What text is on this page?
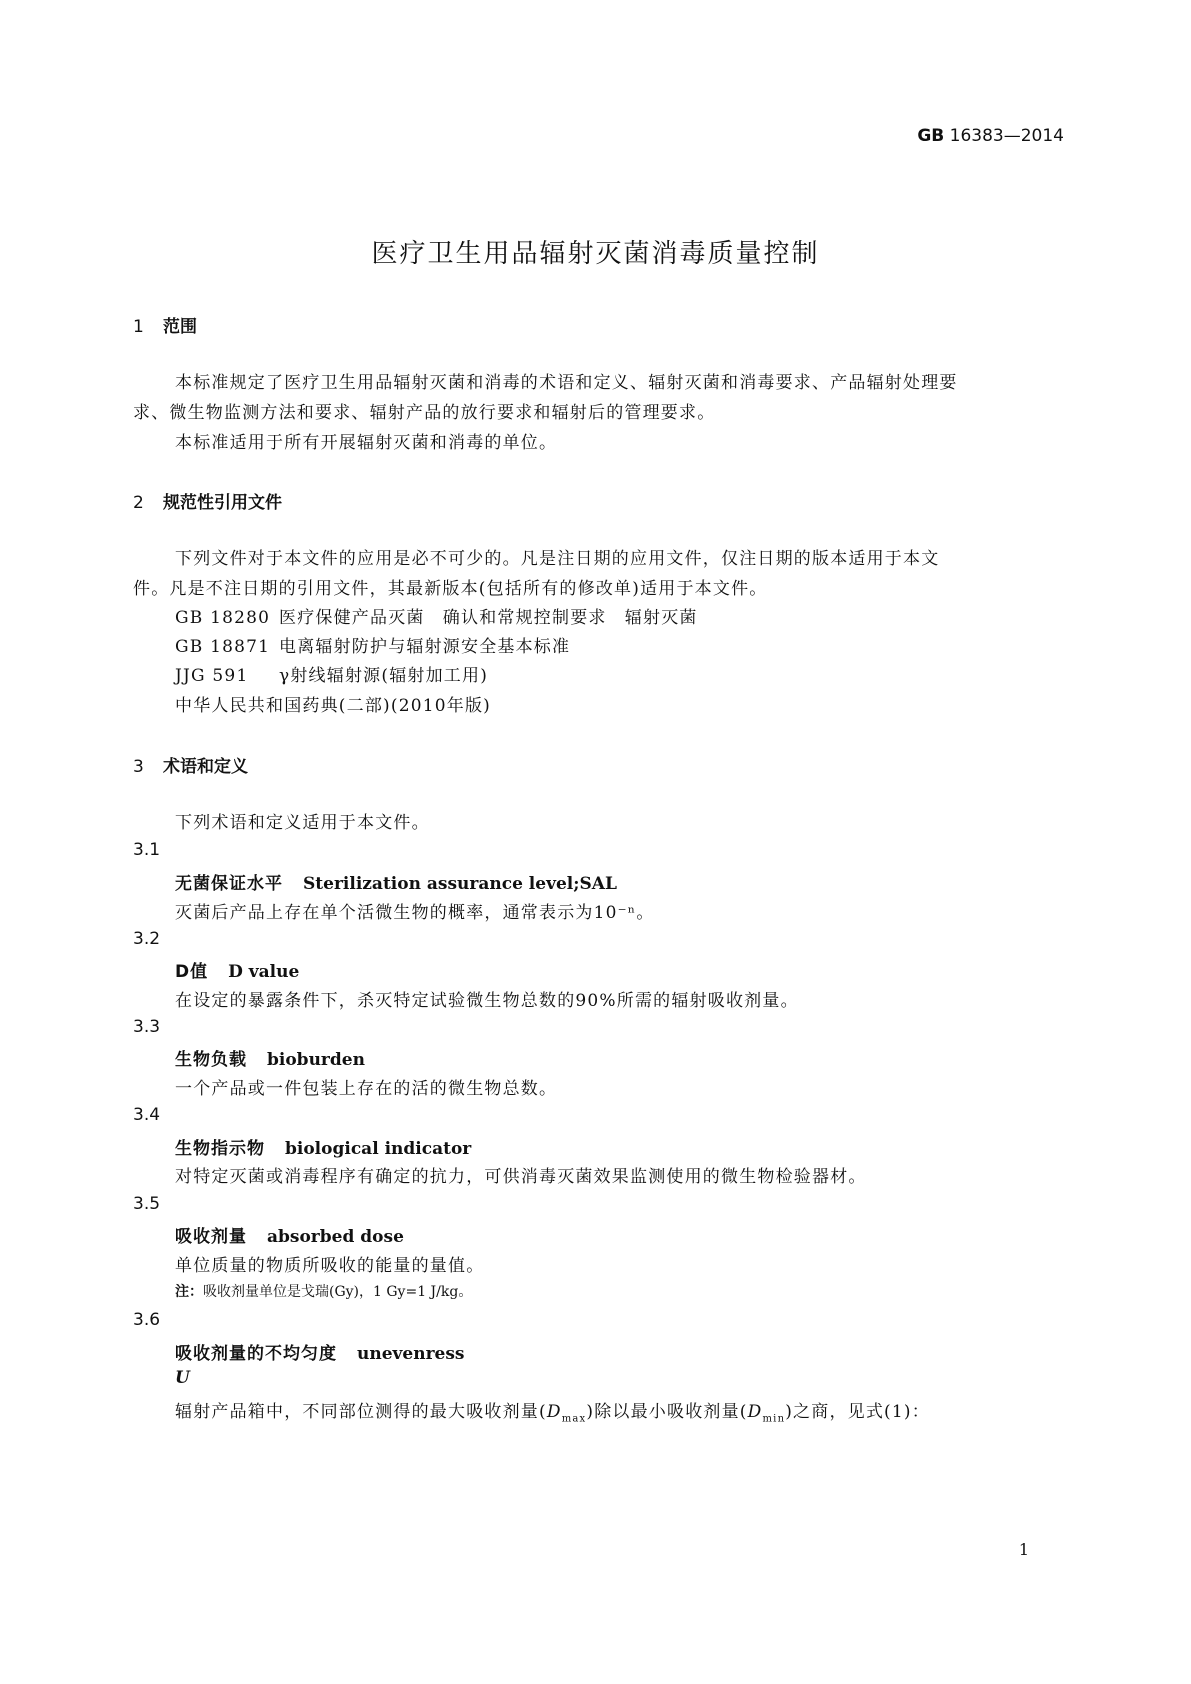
GB 16383—2014
医疗卫生用品辐射灭菌消毒质量控制
1 范围
本标准规定了医疗卫生用品辐射灭菌和消毒的术语和定义、辐射灭菌和消毒要求、产品辐射处理要
求、微生物监测方法和要求、辐射产品的放行要求和辐射后的管理要求。
本标准适用于所有开展辐射灭菌和消毒的单位。
2 规范性引用文件
下列文件对于本文件的应用是必不可少的。凡是注日期的应用文件，仅注日期的版本适用于本文
件。凡是不注日期的引用文件，其最新版本(包括所有的修改单)适用于本文件。
GB 18280 医疗保健产品灭菌　确认和常规控制要求　辐射灭菌
GB 18871 电离辐射防护与辐射源安全基本标准
JJG 591 γ射线辐射源(辐射加工用)
中华人民共和国药典(二部)(2010年版)
3 术语和定义
下列术语和定义适用于本文件。
3.1
无菌保证水平 Sterilization assurance level;SAL
灭菌后产品上存在单个活微生物的概率，通常表示为10⁻ⁿ。
3.2
D值 D value
在设定的暴露条件下，杀灭特定试验微生物总数的90%所需的辐射吸收剂量。
3.3
生物负载 bioburden
一个产品或一件包装上存在的活的微生物总数。
3.4
生物指示物 biological indicator
对特定灭菌或消毒程序有确定的抗力，可供消毒灭菌效果监测使用的微生物检验器材。
3.5
吸收剂量 absorbed dose
单位质量的物质所吸收的能量的量值。
注：吸收剂量单位是戈瑞(Gy)，1 Gy=1 J/kg。
3.6
吸收剂量的不均匀度 unevenress
U
辐射产品箱中，不同部位测得的最大吸收剂量$(D_{max})$除以最小吸收剂量$(D_{min})$之商，见式(1)：
1
